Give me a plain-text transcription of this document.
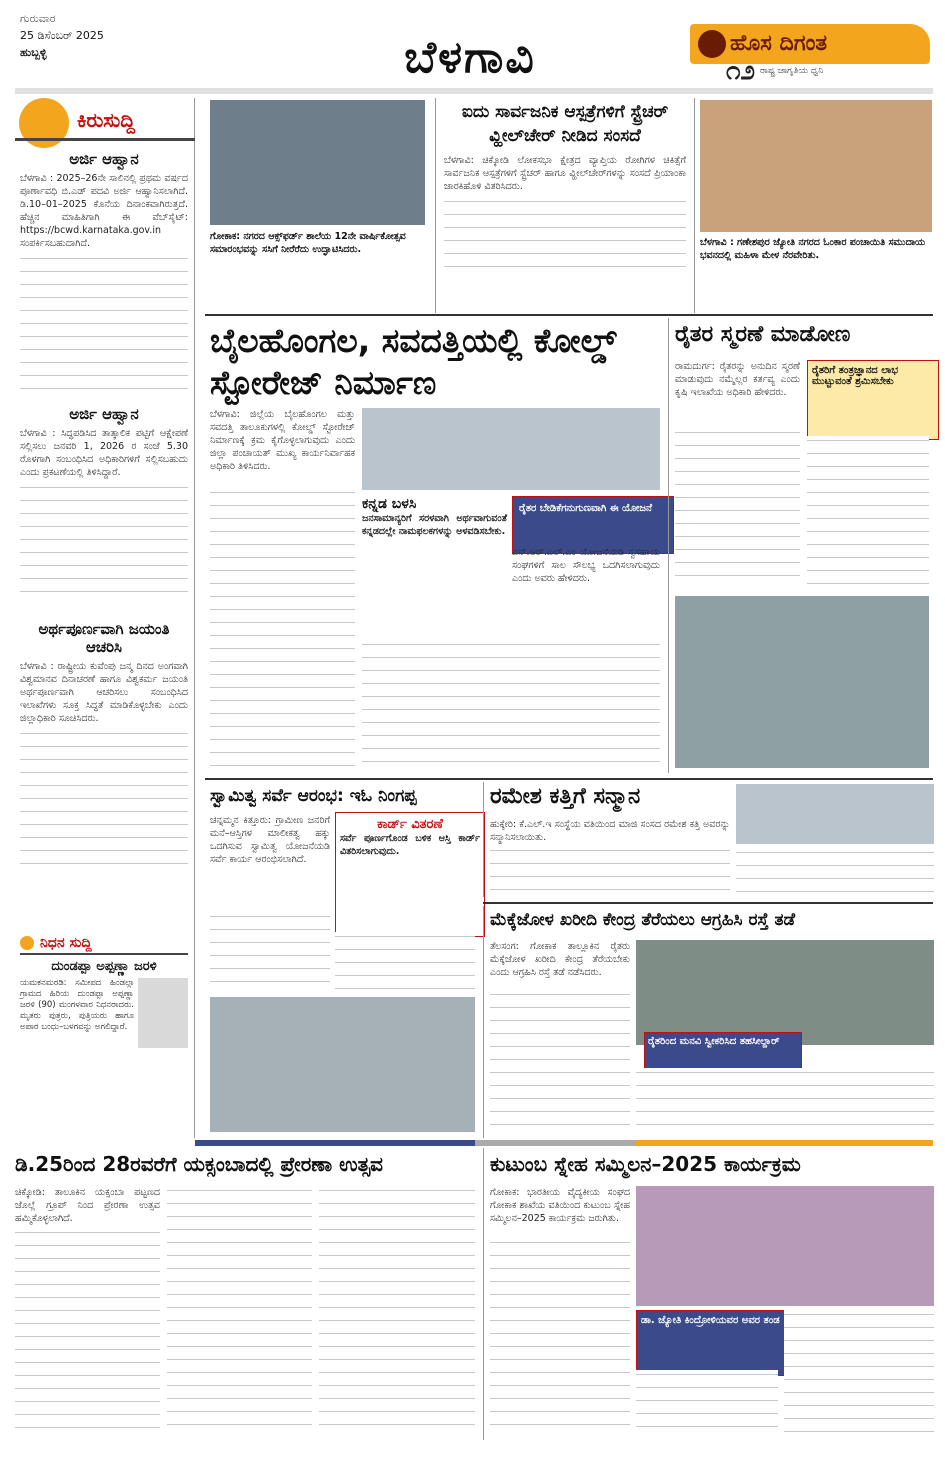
ಗುರುವಾರ
25 ಡಿಸೆಂಬರ್ 2025
ಹುಬ್ಬಳ್ಳಿ	ಬೆಳಗಾವಿ	ಹೊಸ ದಿಗಂತ
ರಾಷ್ಟ್ರ ಜಾಗೃತಿಯ ಧ್ವನಿ
೧೨
ಕಿರುಸುದ್ದಿ
ಅರ್ಜಿ ಆಹ್ವಾನ
ಬೆಳಗಾವಿ : 2025–26ನೇ ಸಾಲಿನಲ್ಲಿ ಪ್ರಥಮ ವರ್ಷದ ಪೂರ್ಣಾವಧಿ ಬಿ.ಎಡ್ ಪದವಿ ಅರ್ಜಿ ಆಹ್ವಾನಿಸಲಾಗಿದೆ. ಡಿ.10–01–2025 ಕೊನೆಯ ದಿನಾಂಕವಾಗಿರುತ್ತದೆ. ಹೆಚ್ಚಿನ ಮಾಹಿತಿಗಾಗಿ ಈ ವೆಬ್‌ಸೈಟ್: https://bcwd.karnataka.gov.in ಸಂಪರ್ಕಿಸಬಹುದಾಗಿದೆ.
ಅರ್ಜಿ ಆಹ್ವಾನ
ಬೆಳಗಾವಿ : ಸಿದ್ಧಪಡಿಸಿದ ತಾತ್ಕಾಲಿಕ ಪಟ್ಟಿಗೆ ಆಕ್ಷೇಪಣೆ ಸಲ್ಲಿಸಲು ಜನವರಿ 1, 2026 ರ ಸಂಜೆ 5.30 ರೊಳಗಾಗಿ ಸಂಬಂಧಿಸಿದ ಅಧಿಕಾರಿಗಳಿಗೆ ಸಲ್ಲಿಸಬಹುದು ಎಂದು ಪ್ರಕಟಣೆಯಲ್ಲಿ ತಿಳಿಸಿದ್ದಾರೆ.
ಅರ್ಥಪೂರ್ಣವಾಗಿ ಜಯಂತಿ ಆಚರಿಸಿ
ಬೆಳಗಾವಿ : ರಾಷ್ಟ್ರೀಯ ಕುವೆಂಪು ಜನ್ಮ ದಿನದ ಅಂಗವಾಗಿ ವಿಶ್ವಮಾನವ ದಿನಾಚರಣೆ ಹಾಗೂ ವಿಶ್ವಕರ್ಮ ಜಯಂತಿ ಅರ್ಥಪೂರ್ಣವಾಗಿ ಆಚರಿಸಲು ಸಂಬಂಧಿಸಿದ ಇಲಾಖೆಗಳು ಸೂಕ್ತ ಸಿದ್ಧತೆ ಮಾಡಿಕೊಳ್ಳಬೇಕು ಎಂದು ಜಿಲ್ಲಾಧಿಕಾರಿ ಸೂಚಿಸಿದರು.
ನಿಧನ ಸುದ್ದಿ
ದುಂಡಪ್ಪಾ ಅಪ್ಪಣ್ಣಾ ಜರಳಿ
ಯಮಕನಮರಡಿ: ಸಮೀಪದ ಹಿಂಡಲ್ಗಾ ಗ್ರಾಮದ ಹಿರಿಯ ದುಂಡಪ್ಪಾ ಅಪ್ಪಣ್ಣಾ ಜರಳಿ (90) ಮಂಗಳವಾರ ನಿಧನರಾದರು. ಮೃತರು ಪುತ್ರರು, ಪುತ್ರಿಯರು ಹಾಗೂ ಅಪಾರ ಬಂಧು–ಬಳಗವನ್ನು ಅಗಲಿದ್ದಾರೆ.
ಗೋಕಾಕ: ನಗರದ ಆಕ್ಸ್‌ಫರ್ಡ್ ಶಾಲೆಯ 12ನೇ ವಾರ್ಷಿಕೋತ್ಸವ ಸಮಾರಂಭವನ್ನು ಸಸಿಗೆ ನೀರೆರೆದು ಉದ್ಘಾಟಿಸಿದರು.
ಐದು ಸಾರ್ವಜನಿಕ ಆಸ್ಪತ್ರೆಗಳಿಗೆ ಸ್ಟ್ರೆಚರ್ ವ್ಹೀಲ್‌ಚೇರ್ ನೀಡಿದ ಸಂಸದೆ
ಬೆಳಗಾವಿ: ಚಿಕ್ಕೋಡಿ ಲೋಕಸಭಾ ಕ್ಷೇತ್ರದ ವ್ಯಾಪ್ತಿಯ ರೋಗಿಗಳ ಚಿಕಿತ್ಸೆಗೆ ಸಾರ್ವಜನಿಕ ಆಸ್ಪತ್ರೆಗಳಿಗೆ ಸ್ಟ್ರೆಚರ್ ಹಾಗೂ ವ್ಹೀಲ್‌ಚೇರ್‌ಗಳನ್ನು ಸಂಸದೆ ಪ್ರಿಯಾಂಕಾ ಜಾರಕಿಹೊಳಿ ವಿತರಿಸಿದರು.
ಬೆಳಗಾವಿ : ಗಣೇಶಪುರ ಜ್ಯೋತಿ ನಗರದ ಓಂಕಾರ ಪಂಚಾಯಿತಿ ಸಮುದಾಯ ಭವನದಲ್ಲಿ ಮಹಿಳಾ ಮೇಳ ನೆರವೇರಿತು.
ಬೈಲಹೊಂಗಲ, ಸವದತ್ತಿಯಲ್ಲಿ ಕೋಲ್ಡ್ ಸ್ಟೋರೇಜ್ ನಿರ್ಮಾಣ
ಬೆಳಗಾವಿ: ಜಿಲ್ಲೆಯ ಬೈಲಹೊಂಗಲ ಮತ್ತು ಸವದತ್ತಿ ತಾಲೂಕುಗಳಲ್ಲಿ ಕೋಲ್ಡ್ ಸ್ಟೋರೇಜ್ ನಿರ್ಮಾಣಕ್ಕೆ ಕ್ರಮ ಕೈಗೊಳ್ಳಲಾಗುವುದು ಎಂದು ಜಿಲ್ಲಾ ಪಂಚಾಯತ್ ಮುಖ್ಯ ಕಾರ್ಯನಿರ್ವಾಹಕ ಅಧಿಕಾರಿ ತಿಳಿಸಿದರು.
ಕನ್ನಡ ಬಳಸಿ
ಜನಸಾಮಾನ್ಯರಿಗೆ ಸರಳವಾಗಿ ಅರ್ಥವಾಗುವಂತೆ ಕನ್ನಡದಲ್ಲೇ ನಾಮಫಲಕಗಳನ್ನು ಅಳವಡಿಸಬೇಕು.
ರೈತರ ಬೇಡಿಕೆಗನುಗುಣವಾಗಿ ಈ ಯೋಜನೆ
ಎನ್.ಆರ್.ಎಲ್.ಎಂ ಯೋಜನೆಯಡಿ ಸ್ವಸಹಾಯ ಸಂಘಗಳಿಗೆ ಸಾಲ ಸೌಲಭ್ಯ ಒದಗಿಸಲಾಗುವುದು ಎಂದು ಅವರು ಹೇಳಿದರು.
ರೈತರ ಸ್ಮರಣೆ ಮಾಡೋಣ
ರಾಮದುರ್ಗ: ರೈತರನ್ನು ಅನುದಿನ ಸ್ಮರಣೆ ಮಾಡುವುದು ನಮ್ಮೆಲ್ಲರ ಕರ್ತವ್ಯ ಎಂದು ಕೃಷಿ ಇಲಾಖೆಯ ಅಧಿಕಾರಿ ಹೇಳಿದರು.
ರೈತರಿಗೆ ತಂತ್ರಜ್ಞಾನದ ಲಾಭ ಮುಟ್ಟುವಂತೆ ಶ್ರಮಿಸಬೇಕು
ಸ್ವಾಮಿತ್ವ ಸರ್ವೆ ಆರಂಭ: ಇಓ ನಿಂಗಪ್ಪ
ಚನ್ನಮ್ಮನ ಕಿತ್ತೂರು: ಗ್ರಾಮೀಣ ಜನರಿಗೆ ಮನೆ–ಆಸ್ತಿಗಳ ಮಾಲೀಕತ್ವ ಹಕ್ಕು ಒದಗಿಸುವ ಸ್ವಾಮಿತ್ವ ಯೋಜನೆಯಡಿ ಸರ್ವೆ ಕಾರ್ಯ ಆರಂಭಿಸಲಾಗಿದೆ.
ಕಾರ್ಡ್ ವಿತರಣೆ
ಸರ್ವೆ ಪೂರ್ಣಗೊಂಡ ಬಳಿಕ ಆಸ್ತಿ ಕಾರ್ಡ್ ವಿತರಿಸಲಾಗುವುದು.
ರಮೇಶ ಕತ್ತಿಗೆ ಸನ್ಮಾನ
ಹುಕ್ಕೇರಿ: ಕೆ.ಎಲ್.ಇ ಸಂಸ್ಥೆಯ ವತಿಯಿಂದ ಮಾಜಿ ಸಂಸದ ರಮೇಶ ಕತ್ತಿ ಅವರನ್ನು ಸನ್ಮಾನಿಸಲಾಯಿತು.
ಮೆಕ್ಕೆಜೋಳ ಖರೀದಿ ಕೇಂದ್ರ ತೆರೆಯಲು ಆಗ್ರಹಿಸಿ ರಸ್ತೆ ತಡೆ
ತೆಲಸಂಗ: ಗೋಕಾಕ ತಾಲ್ಲೂಕಿನ ರೈತರು ಮೆಕ್ಕೆಜೋಳ ಖರೀದಿ ಕೇಂದ್ರ ತೆರೆಯಬೇಕು ಎಂದು ಆಗ್ರಹಿಸಿ ರಸ್ತೆ ತಡೆ ನಡೆಸಿದರು.
ರೈತರಿಂದ ಮನವಿ ಸ್ವೀಕರಿಸಿದ ತಹಸೀಲ್ದಾರ್
ಡಿ.25ರಿಂದ 28ರವರೆಗೆ ಯಕ್ಸಂಬಾದಲ್ಲಿ ಪ್ರೇರಣಾ ಉತ್ಸವ
ಚಿಕ್ಕೋಡಿ: ತಾಲೂಕಿನ ಯಕ್ಸಂಬಾ ಪಟ್ಟಣದ ಜೊಲ್ಲೆ ಗ್ರೂಪ್ ನಿಂದ ಪ್ರೇರಣಾ ಉತ್ಸವ ಹಮ್ಮಿಕೊಳ್ಳಲಾಗಿದೆ.
ಕುಟುಂಬ ಸ್ನೇಹ ಸಮ್ಮಿಲನ–2025 ಕಾರ್ಯಕ್ರಮ
ಗೋಕಾಕ: ಭಾರತೀಯ ವೈದ್ಯಕೀಯ ಸಂಘದ ಗೋಕಾಕ ಶಾಖೆಯ ವತಿಯಿಂದ ಕುಟುಂಬ ಸ್ನೇಹ ಸಮ್ಮಿಲನ–2025 ಕಾರ್ಯಕ್ರಮ ಜರುಗಿತು.
ಡಾ. ಜ್ಯೋತಿ ಕಿಂದ್ರೋಳಿಯವರ ಅವರ ತಂಡ
